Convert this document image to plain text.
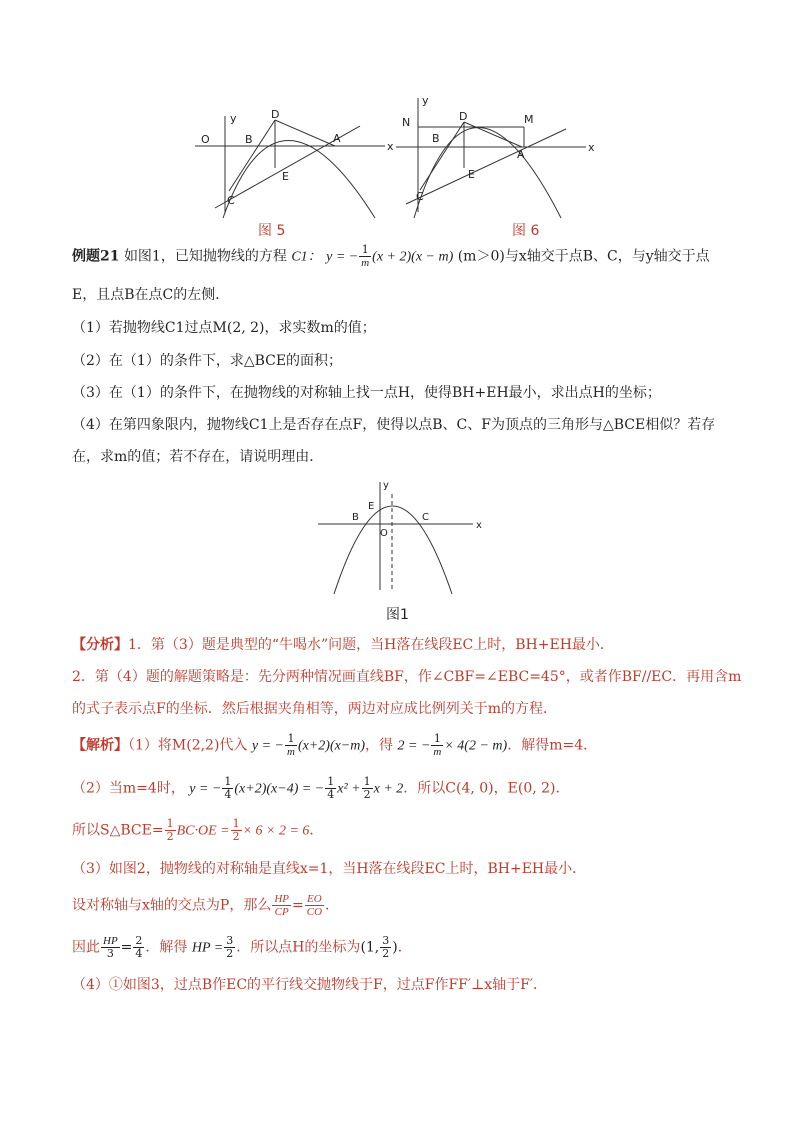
x
y
O	B
D
A
E
C
图 5
x
y
N
B
D	M
A
E
C
图 6
例题21 如图1，已知抛物线的方程 C1： y = − $\frac{1}{m} (x + 2)(x - m)$ (m＞0)与x轴交于点B、C，与y轴交于点
E，且点B在点C的左侧．
（1）若抛物线C1过点M(2, 2)，求实数m的值；
（2）在（1）的条件下，求△BCE的面积；
（3）在（1）的条件下，在抛物线的对称轴上找一点H，使得BH+EH最小，求出点H的坐标；
（4）在第四象限内，抛物线C1上是否存在点F，使得以点B、C、F为顶点的三角形与△BCE相似？若存
在，求m的值；若不存在，请说明理由．
x
y
E
B
O
C
图1
【分析】1．第（3）题是典型的“牛喝水”问题，当H落在线段EC上时，BH+EH最小．
2．第（4）题的解题策略是：先分两种情况画直线BF，作∠CBF=∠EBC=45°，或者作BF//EC．再用含m
的式子表示点F的坐标．然后根据夹角相等，两边对应成比例列关于m的方程．
【解析】（1）将M(2,2)代入 y = − $\frac{1}{m} (x+2)(x-m)$，得 2 = − $\frac{1}{m} \times 4(2 - m)$．解得m=4．
（2）当m=4时， y = − $\frac{1}{4} (x+2)(x-4)$ = − $\frac{1}{4} x^2 + \frac{1}{2}$ x + 2．所以C(4, 0)，E(0, 2)．
所以S△BCE= $\frac{1}{2} BC\cdot OE = \frac{1}{2} \times 6 \times 2 = 6$．
（3）如图2，抛物线的对称轴是直线x=1，当H落在线段EC上时，BH+EH最小．
设对称轴与x轴的交点为P，那么 $\frac{HP}{CP} = \frac{EO}{CO}$ ．
因此 $\frac{HP}{3} = \frac{2}{4}$ ．解得 HP = $\frac{3}{2}$ ．所以点H的坐标为(1, $\frac{3}{2}$ )．
（4）①如图3，过点B作EC的平行线交抛物线于F，过点F作FF′⊥x轴于F′．
